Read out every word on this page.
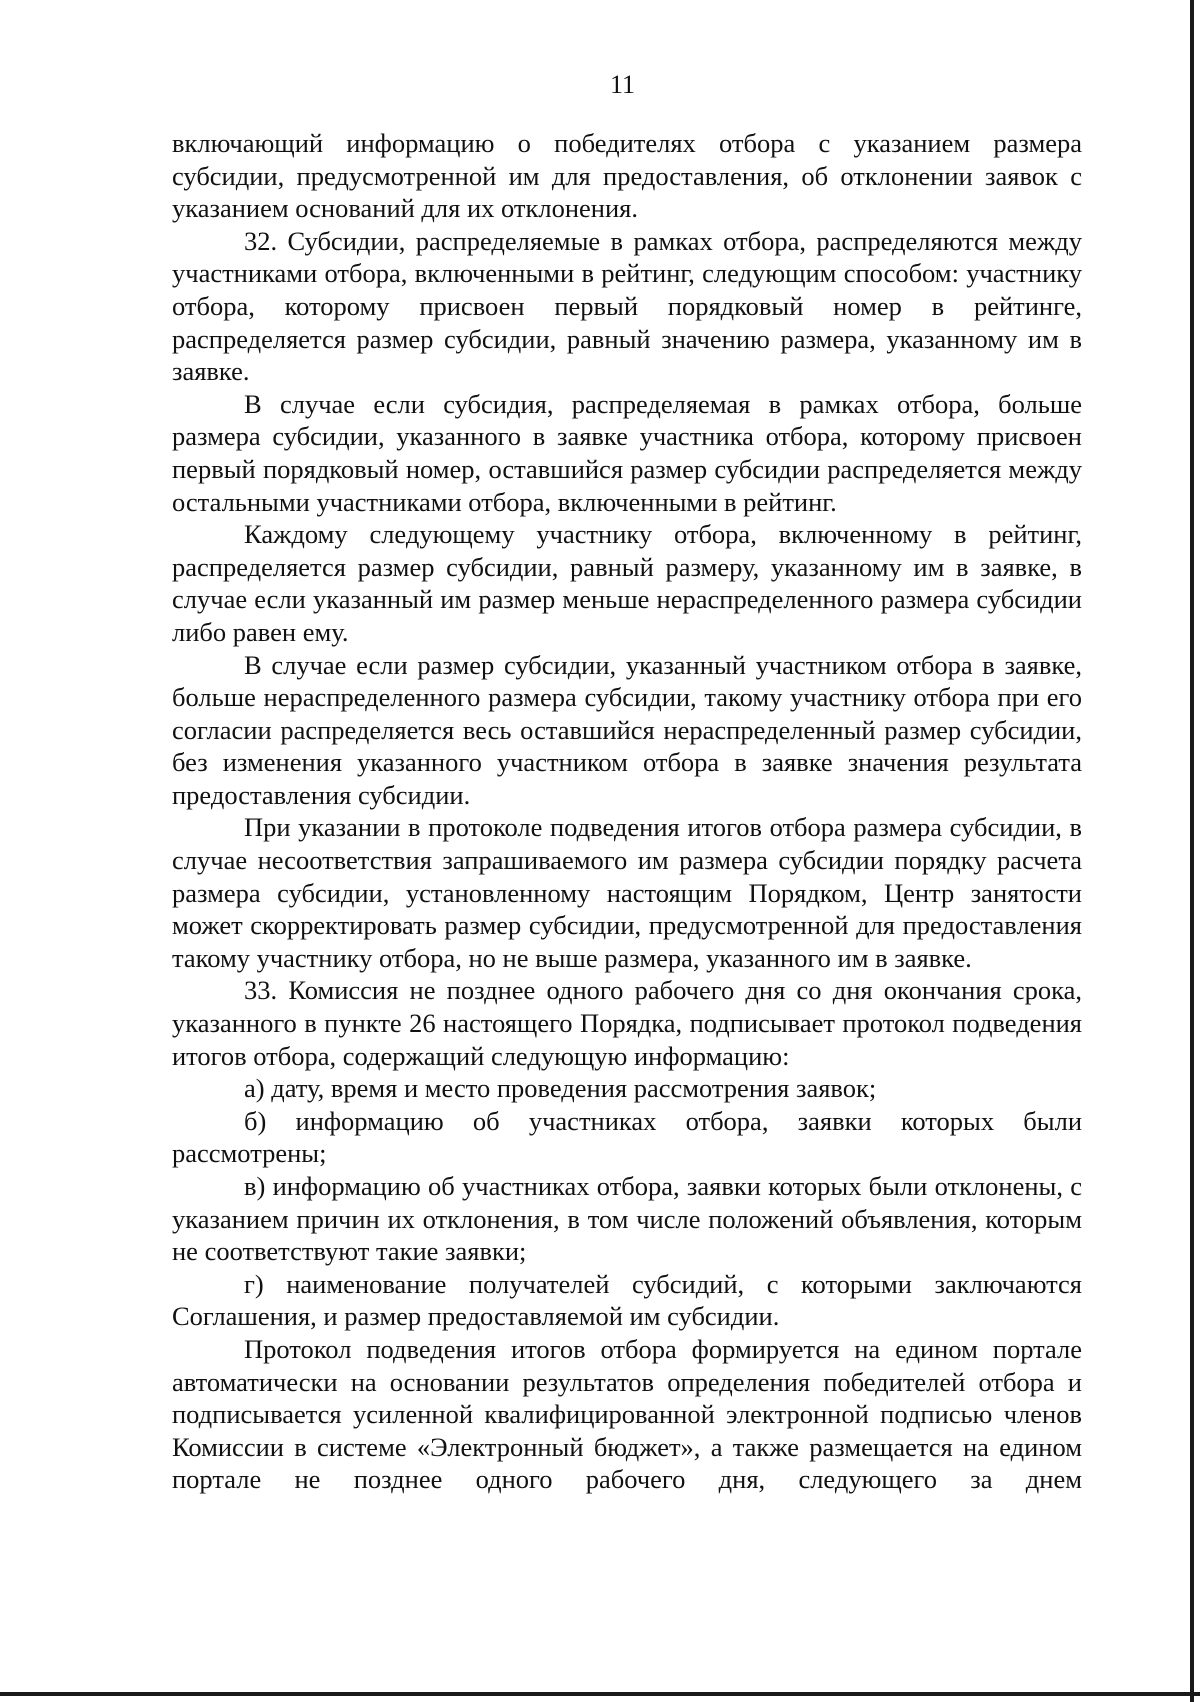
11

включающий информацию о победителях отбора с указанием размера субсидии, предусмотренной им для предоставления, об отклонении заявок с указанием оснований для их отклонения.

32. Субсидии, распределяемые в рамках отбора, распределяются между участниками отбора, включенными в рейтинг, следующим способом: участнику отбора, которому присвоен первый порядковый номер в рейтинге, распределяется размер субсидии, равный значению размера, указанному им в заявке.

В случае если субсидия, распределяемая в рамках отбора, больше размера субсидии, указанного в заявке участника отбора, которому присвоен первый порядковый номер, оставшийся размер субсидии распределяется между остальными участниками отбора, включенными в рейтинг.

Каждому следующему участнику отбора, включенному в рейтинг, распределяется размер субсидии, равный размеру, указанному им в заявке, в случае если указанный им размер меньше нераспределенного размера субсидии либо равен ему.

В случае если размер субсидии, указанный участником отбора в заявке, больше нераспределенного размера субсидии, такому участнику отбора при его согласии распределяется весь оставшийся нераспределенный размер субсидии, без изменения указанного участником отбора в заявке значения результата предоставления субсидии.

При указании в протоколе подведения итогов отбора размера субсидии, в случае несоответствия запрашиваемого им размера субсидии порядку расчета размера субсидии, установленному настоящим Порядком, Центр занятости может скорректировать размер субсидии, предусмотренной для предоставления такому участнику отбора, но не выше размера, указанного им в заявке.

33. Комиссия не позднее одного рабочего дня со дня окончания срока, указанного в пункте 26 настоящего Порядка, подписывает протокол подведения итогов отбора, содержащий следующую информацию:

а) дату, время и место проведения рассмотрения заявок;

б) информацию об участниках отбора, заявки которых были рассмотрены;

в) информацию об участниках отбора, заявки которых были отклонены, с указанием причин их отклонения, в том числе положений объявления, которым не соответствуют такие заявки;

г) наименование получателей субсидий, с которыми заключаются Соглашения, и размер предоставляемой им субсидии.

Протокол подведения итогов отбора формируется на едином портале автоматически на основании результатов определения победителей отбора и подписывается усиленной квалифицированной электронной подписью членов Комиссии в системе «Электронный бюджет», а также размещается на едином портале не позднее одного рабочего дня, следующего за днем
